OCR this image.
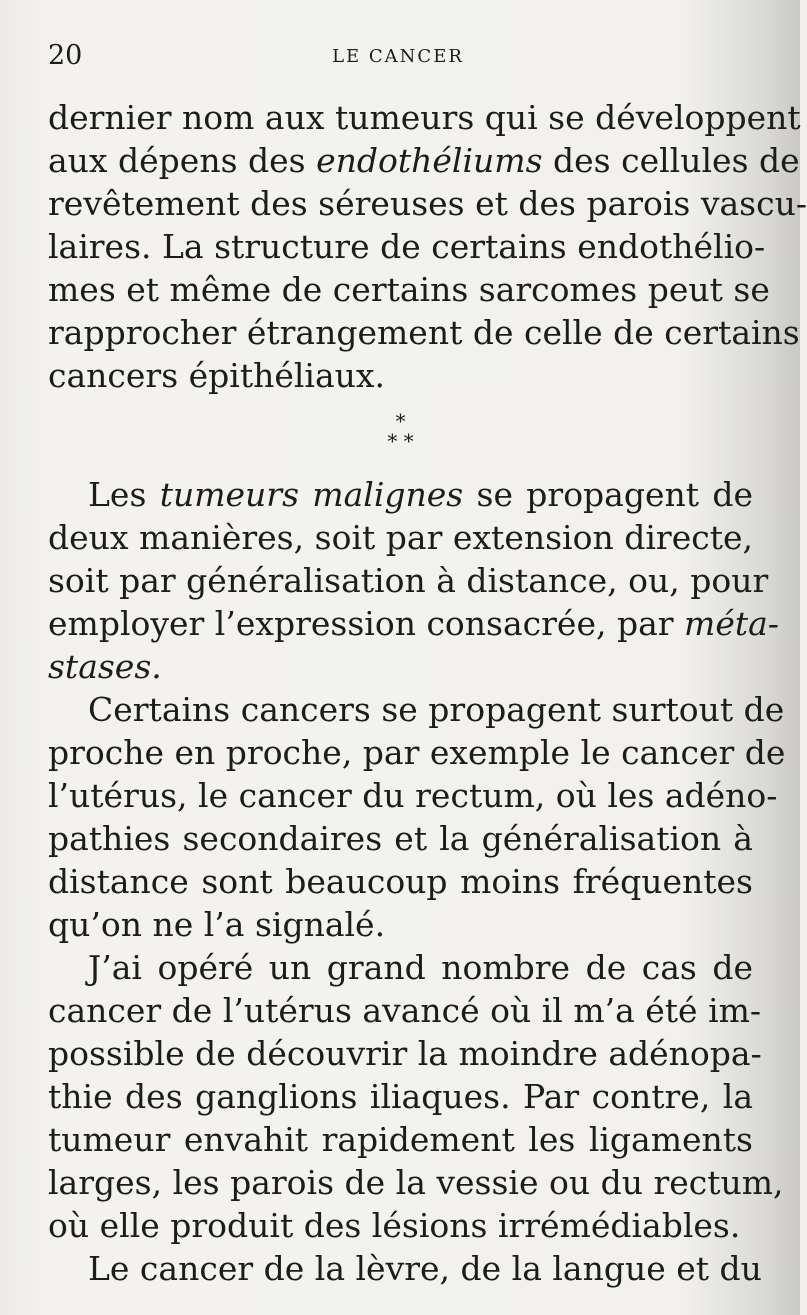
20	LE CANCER
dernier nom aux tumeurs qui se développent
aux dépens des endothéliums des cellules de
revêtement des séreuses et des parois vascu-
laires. La structure de certains endothélio-
mes et même de certains sarcomes peut se
rapprocher étrangement de celle de certains
cancers épithéliaux.
*
* *
Les tumeurs malignes se propagent de
deux manières, soit par extension directe,
soit par généralisation à distance, ou, pour
employer l’expression consacrée, par méta-
stases.
Certains cancers se propagent surtout de
proche en proche, par exemple le cancer de
l’utérus, le cancer du rectum, où les adéno-
pathies secondaires et la généralisation à
distance sont beaucoup moins fréquentes
qu’on ne l’a signalé.
J’ai opéré un grand nombre de cas de
cancer de l’utérus avancé où il m’a été im-
possible de découvrir la moindre adénopa-
thie des ganglions iliaques. Par contre, la
tumeur envahit rapidement les ligaments
larges, les parois de la vessie ou du rectum,
où elle produit des lésions irrémédiables.
Le cancer de la lèvre, de la langue et du
